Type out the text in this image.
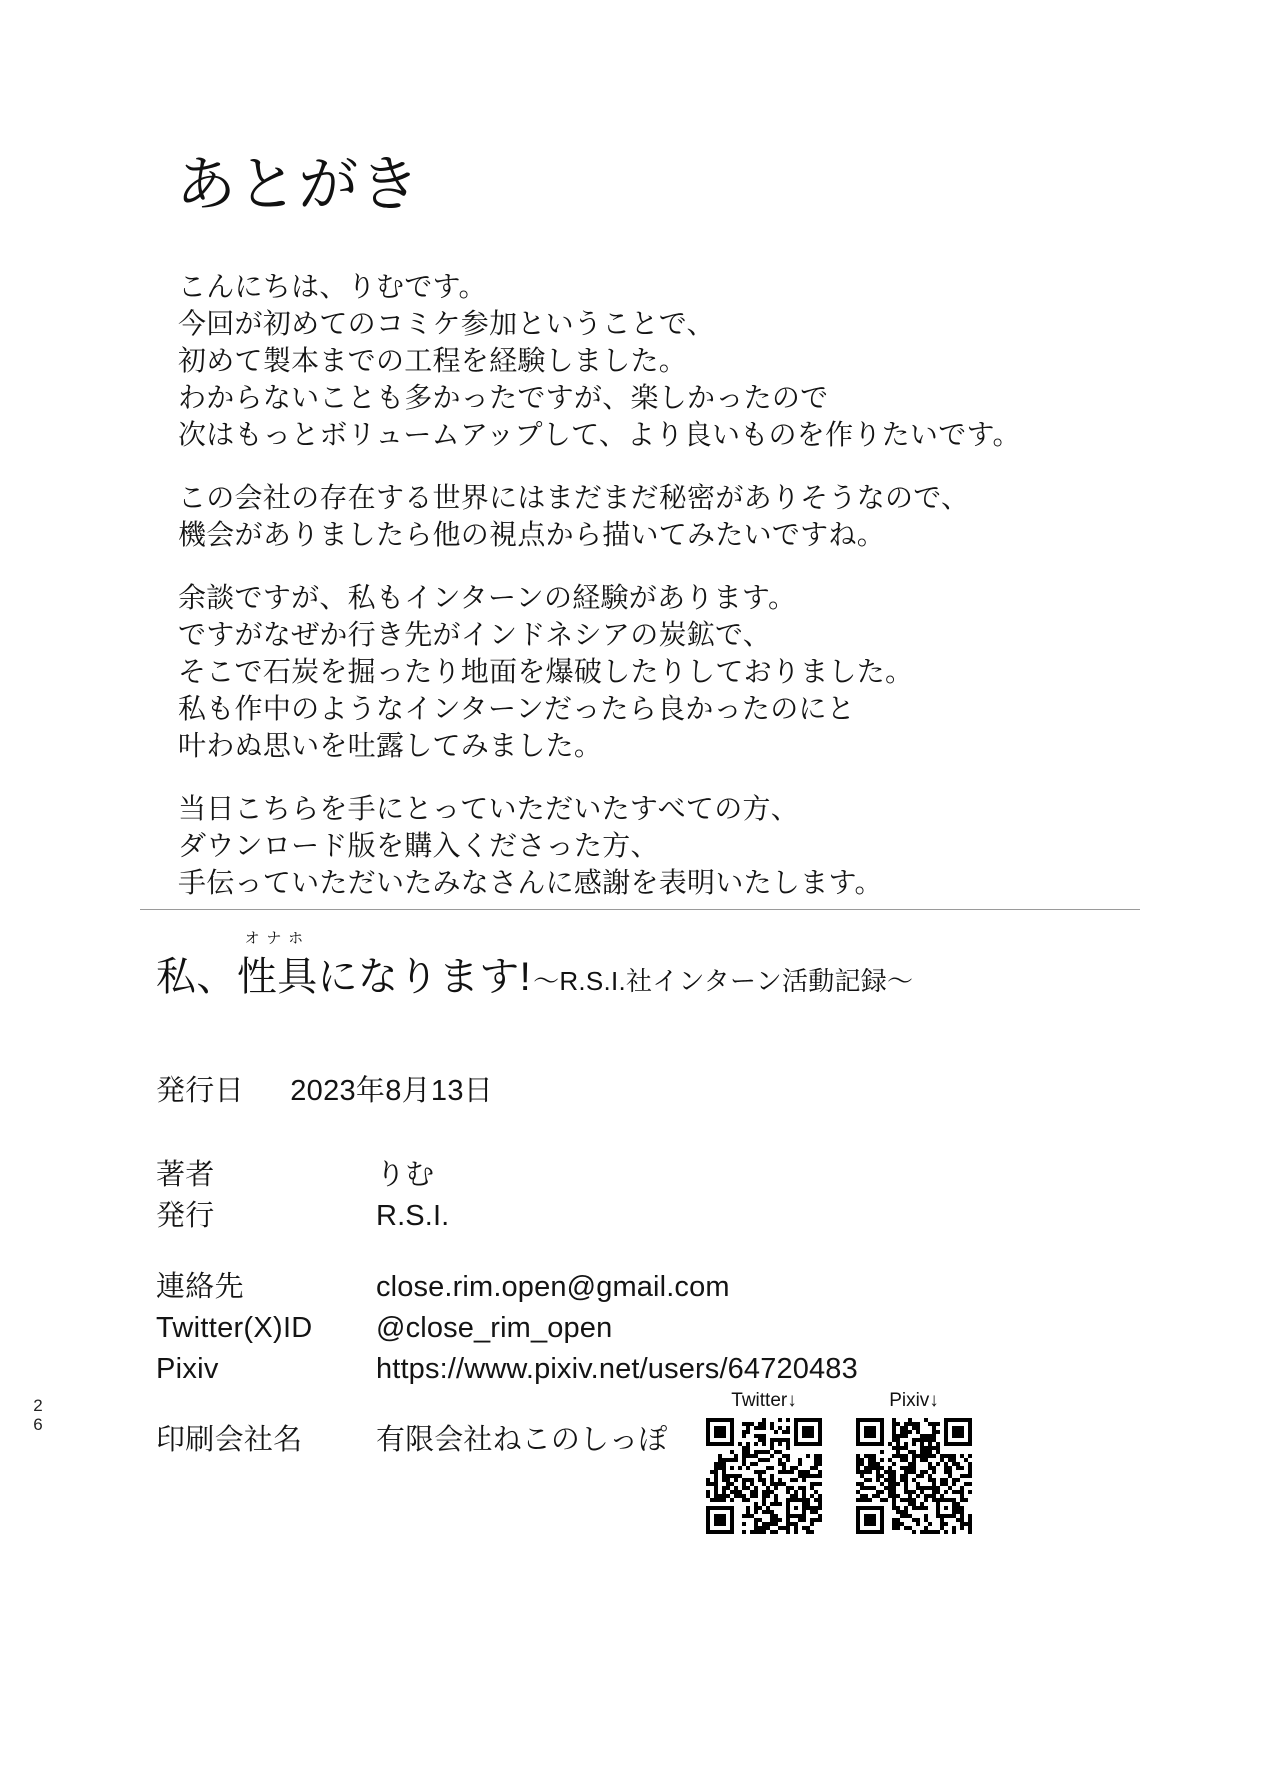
2
6
あとがき

こんにちは、りむです。
今回が初めてのコミケ参加ということで、
初めて製本までの工程を経験しました。
わからないことも多かったですが、楽しかったので
次はもっとボリュームアップして、より良いものを作りたいです。

この会社の存在する世界にはまだまだ秘密がありそうなので、
機会がありましたら他の視点から描いてみたいですね。

余談ですが、私もインターンの経験があります。
ですがなぜか行き先がインドネシアの炭鉱で、
そこで石炭を掘ったり地面を爆破したりしておりました。
私も作中のようなインターンだったら良かったのにと
叶わぬ思いを吐露してみました。

当日こちらを手にとっていただいたすべての方、
ダウンロード版を購入くださった方、
手伝っていただいたみなさんに感謝を表明いたします。

私、
オナホ
性具 になります! 〜R.S.I.社インターン活動記録〜
発行日 2023年8月13日
著者	りむ
発行	R.S.I.
連絡先	close.rim.open@gmail.com
Twitter(X)ID	@close_rim_open
Pixiv	https://www.pixiv.net/users/64720483
印刷会社名	有限会社ねこのしっぽ
Twitter↓	Pixiv↓
